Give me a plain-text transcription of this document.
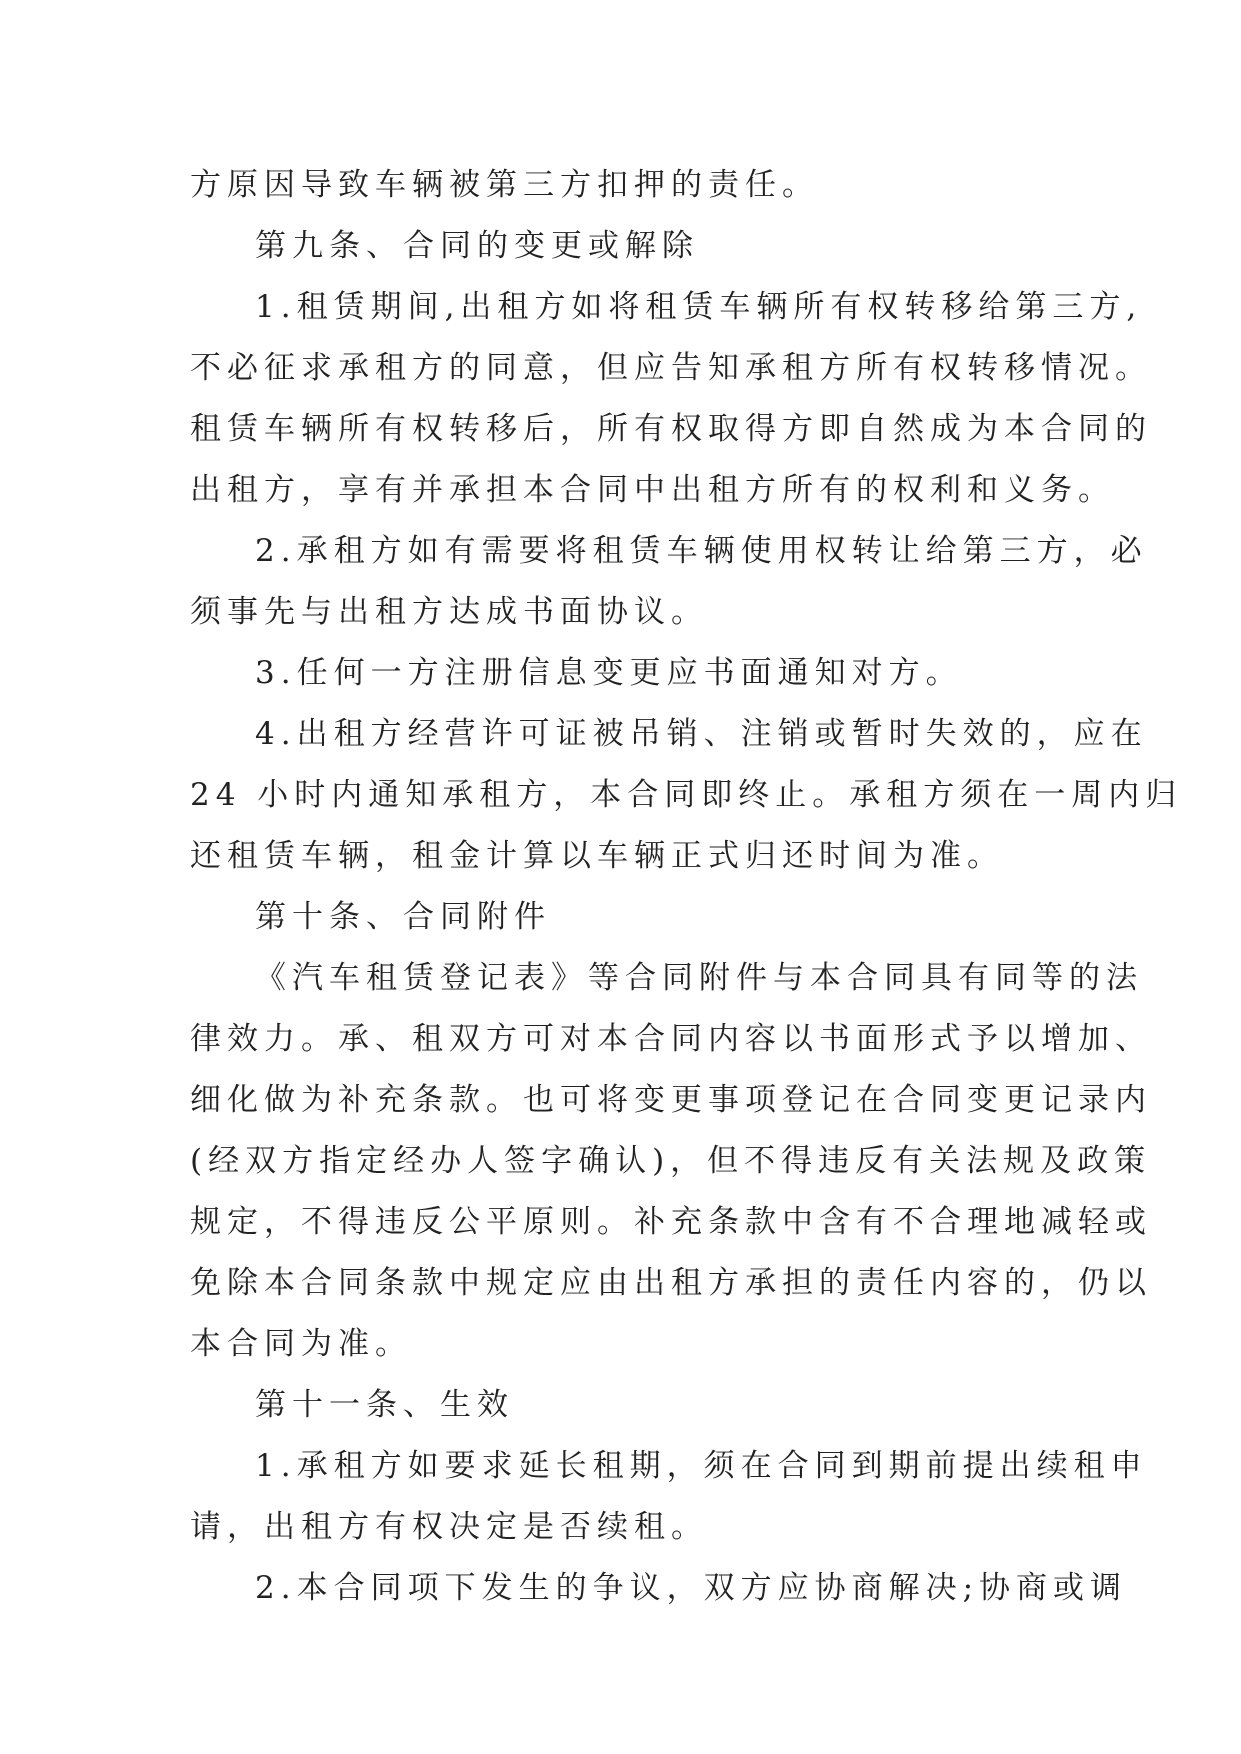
方原因导致车辆被第三方扣押的责任。
第九条、合同的变更或解除
1.租赁期间,出租方如将租赁车辆所有权转移给第三方,
不必征求承租方的同意，但应告知承租方所有权转移情况。
租赁车辆所有权转移后，所有权取得方即自然成为本合同的
出租方，享有并承担本合同中出租方所有的权利和义务。
2.承租方如有需要将租赁车辆使用权转让给第三方，必
须事先与出租方达成书面协议。
3.任何一方注册信息变更应书面通知对方。
4.出租方经营许可证被吊销、注销或暂时失效的，应在
24 小时内通知承租方，本合同即终止。承租方须在一周内归
还租赁车辆，租金计算以车辆正式归还时间为准。
第十条、合同附件
《汽车租赁登记表》等合同附件与本合同具有同等的法
律效力。承、租双方可对本合同内容以书面形式予以增加、
细化做为补充条款。也可将变更事项登记在合同变更记录内
(经双方指定经办人签字确认)，但不得违反有关法规及政策
规定，不得违反公平原则。补充条款中含有不合理地减轻或
免除本合同条款中规定应由出租方承担的责任内容的，仍以
本合同为准。
第十一条、生效
1.承租方如要求延长租期，须在合同到期前提出续租申
请，出租方有权决定是否续租。
2.本合同项下发生的争议，双方应协商解决;协商或调
